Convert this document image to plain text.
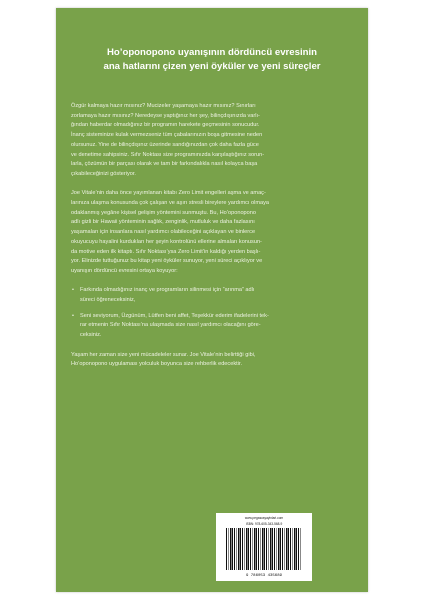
Ho’oponopono uyanışının dördüncü evresinin
ana hatlarını çizen yeni öyküler ve yeni süreçler
Özgür kalmaya hazır mısınız? Mucizeler yaşamaya hazır mısınız? Sınırları
zorlamaya hazır mısınız? Neredeyse yaptığınız her şey, bilinçdışınızda varlı-
ğından haberdar olmadığınız bir programın harekete geçmesinin sonucudur.
İnanç sisteminize kulak vermezseniz tüm çabalarınızın boşa gitmesine neden
olursunuz. Yine de bilinçdışınız üzerinde sandığınızdan çok daha fazla güce
ve denetime sahipsiniz. Sıfır Noktası size programınızda karşılaştığınız sorun-
larla, çözümün bir parçası olarak ve tam bir farkındalıkla nasıl kolayca başa
çıkabileceğinizi gösteriyor.
Joe Vitale’nin daha önce yayımlanan kitabı Zero Limit engelleri aşma ve amaç-
larınıza ulaşma konusunda çok çalışan ve aşırı stresli bireylere yardımcı olmaya
odaklanmış yegâne kişisel gelişim yöntemini sunmuştu. Bu, Ho’oponopono
adlı gizli bir Hawaii yönteminin sağlık, zenginlik, mutluluk ve daha fazlasını
yaşamaları için insanlara nasıl yardımcı olabileceğini açıklayan ve binlerce
okuyucuyu hayalini kurdukları her şeyin kontrolünü ellerine almaları konusun-
da motive eden ilk kitaptı. Sıfır Noktası’ysa Zero Limit’in kaldığı yerden başlı-
yor. Elinizde tuttuğunuz bu kitap yeni öyküler sunuyor, yeni süreci açıklıyor ve
uyanışın dördüncü evresini ortaya koyuyor:
• Farkında olmadığınız inanç ve programların silinmesi için “arınma” adlı
süreci öğreneceksiniz,
• Seni seviyorum, Üzgünüm, Lütfen beni affet, Teşekkür ederim ifadelerini tek-
rar etmenin Sıfır Noktası’na ulaşmada size nasıl yardımcı olacağını göre-
ceksiniz.
Yaşam her zaman size yeni mücadeleler sunar. Joe Vitale’nin belirttiği gibi,
Ho’oponopono uygulaması yolculuk boyunca size rehberlik edecektir.
www.pegasusyayinlari.com
ISBN: 978-605-343-568-9
9 786053 435689
